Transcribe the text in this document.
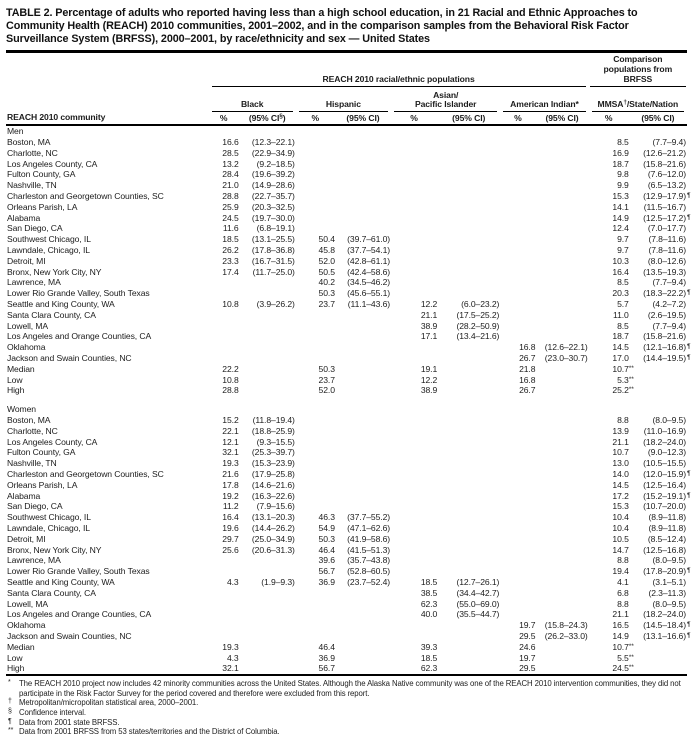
TABLE 2. Percentage of adults who reported having less than a high school education, in 21 Racial and Ethnic Approaches to Community Health (REACH) 2010 communities, 2001–2002, and in the comparison samples from the Behavioral Risk Factor Surveillance System (BRFSS), 2000–2001, by race/ethnicity and sex — United States
REACH 2010 community	REACH 2010 racial/ethnic populations								Comparison populations from BRFSS	

	Black		Hispanic		Asian/
Pacific Islander		American Indian*		MMSA†/State/Nation	

	%	(95% CI§)	%	(95% CI)	%	(95% CI)	%	(95% CI)	%	(95% CI)
Men										
Boston, MA	16.6	(12.3–22.1)							8.5	(7.7–9.4)
Charlotte, NC	28.5	(22.9–34.9)							16.9	(12.6–21.2)
Los Angeles County, CA	13.2	(9.2–18.5)							18.7	(15.8–21.6)
Fulton County, GA	28.4	(19.6–39.2)							9.8	(7.6–12.0)
Nashville, TN	21.0	(14.9–28.6)							9.9	(6.5–13.2)
Charleston and Georgetown Counties, SC	28.8	(22.7–35.7)							15.3	(12.9–17.9) ¶

Orleans Parish, LA	25.9	(20.3–32.5)							14.1	(11.5–16.7)
Alabama	24.5	(19.7–30.0)							14.9	(12.5–17.2) ¶

San Diego, CA	11.6	(6.8–19.1)							12.4	(7.0–17.7)
Southwest Chicago, IL	18.5	(13.1–25.5)	50.4	(39.7–61.0)					9.7	(7.8–11.6)
Lawndale, Chicago, IL	26.2	(17.8–36.8)	45.8	(37.7–54.1)					9.7	(7.8–11.6)
Detroit, MI	23.3	(16.7–31.5)	52.0	(42.8–61.1)					10.3	(8.0–12.6)
Bronx, New York City, NY	17.4	(11.7–25.0)	50.5	(42.4–58.6)					16.4	(13.5–19.3)
Lawrence, MA			40.2	(34.5–46.2)					8.5	(7.7–9.4)
Lower Rio Grande Valley, South Texas			50.3	(45.6–55.1)					20.3	(18.3–22.2) ¶

Seattle and King County, WA	10.8	(3.9–26.2)	23.7	(11.1–43.6)	12.2	(6.0–23.2)			5.7	(4.2–7.2)
Santa Clara County, CA					21.1	(17.5–25.2)			11.0	(2.6–19.5)
Lowell, MA					38.9	(28.2–50.9)			8.5	(7.7–9.4)
Los Angeles and Orange Counties, CA					17.1	(13.4–21.6)			18.7	(15.8–21.6)
Oklahoma							16.8	(12.6–22.1)	14.5	(12.1–16.8) ¶

Jackson and Swain Counties, NC							26.7	(23.0–30.7)	17.0	(14.4–19.5) ¶

Median	22.2		50.3		19.1		21.8		10.7 **	

Low	10.8		23.7		12.2		16.8		5.3 **	

High	28.8		52.0		38.9		26.7		25.2 **	

Women										
Boston, MA	15.2	(11.8–19.4)							8.8	(8.0–9.5)
Charlotte, NC	22.1	(18.8–25.9)							13.9	(11.0–16.9)
Los Angeles County, CA	12.1	(9.3–15.5)							21.1	(18.2–24.0)
Fulton County, GA	32.1	(25.3–39.7)							10.7	(9.0–12.3)
Nashville, TN	19.3	(15.3–23.9)							13.0	(10.5–15.5)
Charleston and Georgetown Counties, SC	21.6	(17.9–25.8)							14.0	(12.0–15.9) ¶

Orleans Parish, LA	17.8	(14.6–21.6)							14.5	(12.5–16.4)
Alabama	19.2	(16.3–22.6)							17.2	(15.2–19.1) ¶

San Diego, CA	11.2	(7.9–15.6)							15.3	(10.7–20.0)
Southwest Chicago, IL	16.4	(13.1–20.3)	46.3	(37.7–55.2)					10.4	(8.9–11.8)
Lawndale, Chicago, IL	19.6	(14.4–26.2)	54.9	(47.1–62.6)					10.4	(8.9–11.8)
Detroit, MI	29.7	(25.0–34.9)	50.3	(41.9–58.6)					10.5	(8.5–12.4)
Bronx, New York City, NY	25.6	(20.6–31.3)	46.4	(41.5–51.3)					14.7	(12.5–16.8)
Lawrence, MA			39.6	(35.7–43.8)					8.8	(8.0–9.5)
Lower Rio Grande Valley, South Texas			56.7	(52.8–60.5)					19.4	(17.8–20.9) ¶

Seattle and King County, WA	4.3	(1.9–9.3)	36.9	(23.7–52.4)	18.5	(12.7–26.1)			4.1	(3.1–5.1)
Santa Clara County, CA					38.5	(34.4–42.7)			6.8	(2.3–11.3)
Lowell, MA					62.3	(55.0–69.0)			8.8	(8.0–9.5)
Los Angeles and Orange Counties, CA					40.0	(35.5–44.7)			21.1	(18.2–24.0)
Oklahoma							19.7	(15.8–24.3)	16.5	(14.5–18.4) ¶

Jackson and Swain Counties, NC							29.5	(26.2–33.0)	14.9	(13.1–16.6) ¶

Median	19.3		46.4		39.3		24.6		10.7 **	

Low	4.3		36.9		18.5		19.7		5.5 **	

High	32.1		56.7		62.3		29.5		24.5 **	

* The REACH 2010 project now includes 42 minority communities across the United States. Although the Alaska Native community was one of the REACH 2010 intervention communities, they did not participate in the Risk Factor Survey for the period covered and therefore were excluded from this report.
† Metropolitan/micropolitan statistical area, 2000–2001.
§ Confidence interval.
¶ Data from 2001 state BRFSS.
** Data from 2001 BRFSS from 53 states/territories and the District of Columbia.
